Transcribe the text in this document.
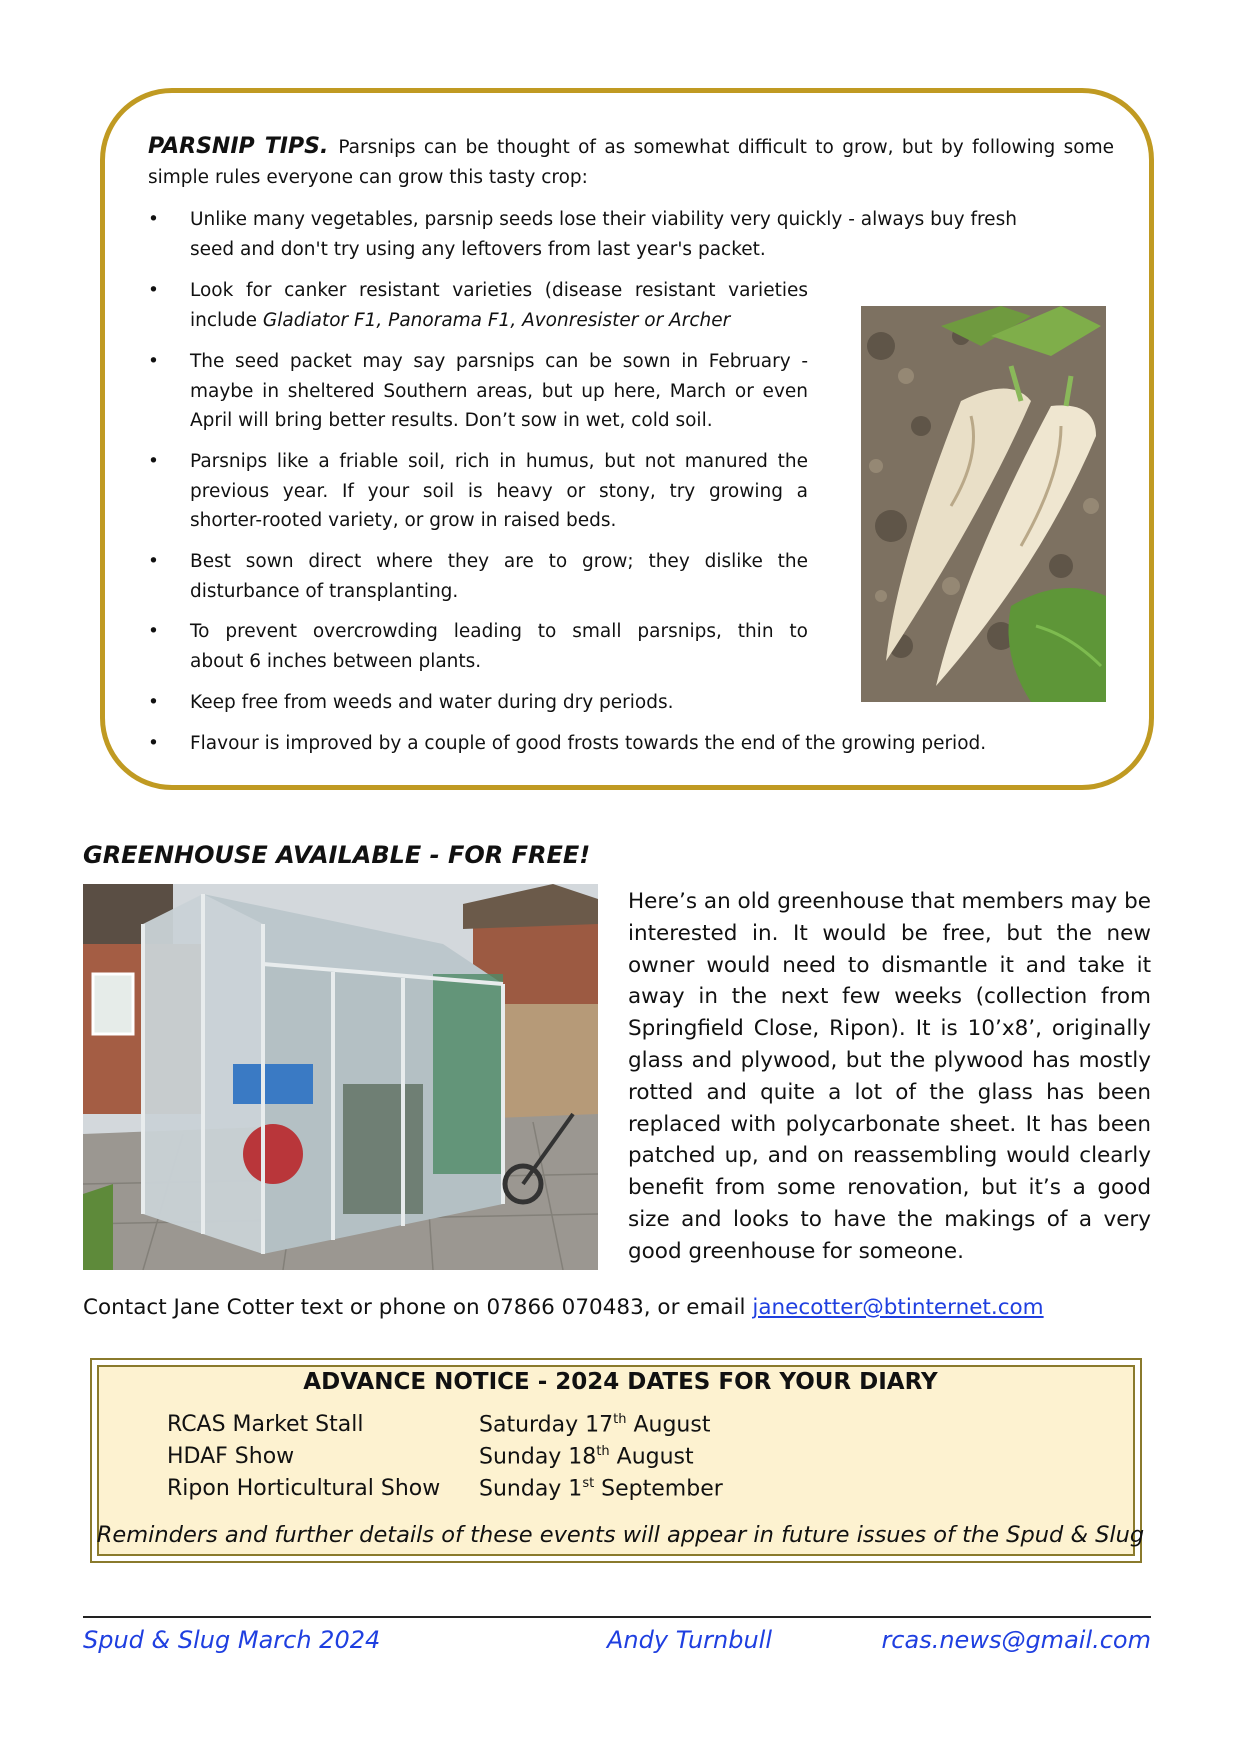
PARSNIP TIPS. Parsnips can be thought of as somewhat difficult to grow, but by following some simple rules everyone can grow this tasty crop:
• Unlike many vegetables, parsnip seeds lose their viability very quickly - always buy fresh
seed and don't try using any leftovers from last year's packet.
• Look for canker resistant varieties (disease resistant varieties
include Gladiator F1, Panorama F1, Avonresister or Archer
• The seed packet may say parsnips can be sown in February -
maybe in sheltered Southern areas, but up here, March or even
April will bring better results. Don’t sow in wet, cold soil.
• Parsnips like a friable soil, rich in humus, but not manured the
previous year. If your soil is heavy or stony, try growing a
shorter-rooted variety, or grow in raised beds.
• Best sown direct where they are to grow; they dislike the
disturbance of transplanting.
• To prevent overcrowding leading to small parsnips, thin to
about 6 inches between plants.
• Keep free from weeds and water during dry periods.
• Flavour is improved by a couple of good frosts towards the end of the growing period.
GREENHOUSE AVAILABLE - FOR FREE!
Here’s an old greenhouse that members may be interested in. It would be free, but the new owner would need to dismantle it and take it away in the next few weeks (collection from Springfield Close, Ripon). It is 10’x8’, originally glass and plywood, but the plywood has mostly rotted and quite a lot of the glass has been replaced with polycarbonate sheet. It has been patched up, and on reassembling would clearly benefit from some renovation, but it’s a good size and looks to have the makings of a very good greenhouse for someone.
Contact Jane Cotter text or phone on 07866 070483, or email janecotter@btinternet.com
ADVANCE NOTICE - 2024 DATES FOR YOUR DIARY
RCAS Market Stall	Saturday 17th August
HDAF Show	Sunday 18th August
Ripon Horticultural Show Sunday 1st September
Reminders and further details of these events will appear in future issues of the Spud & Slug
Spud & Slug March 2024	Andy Turnbull	rcas.news@gmail.com
